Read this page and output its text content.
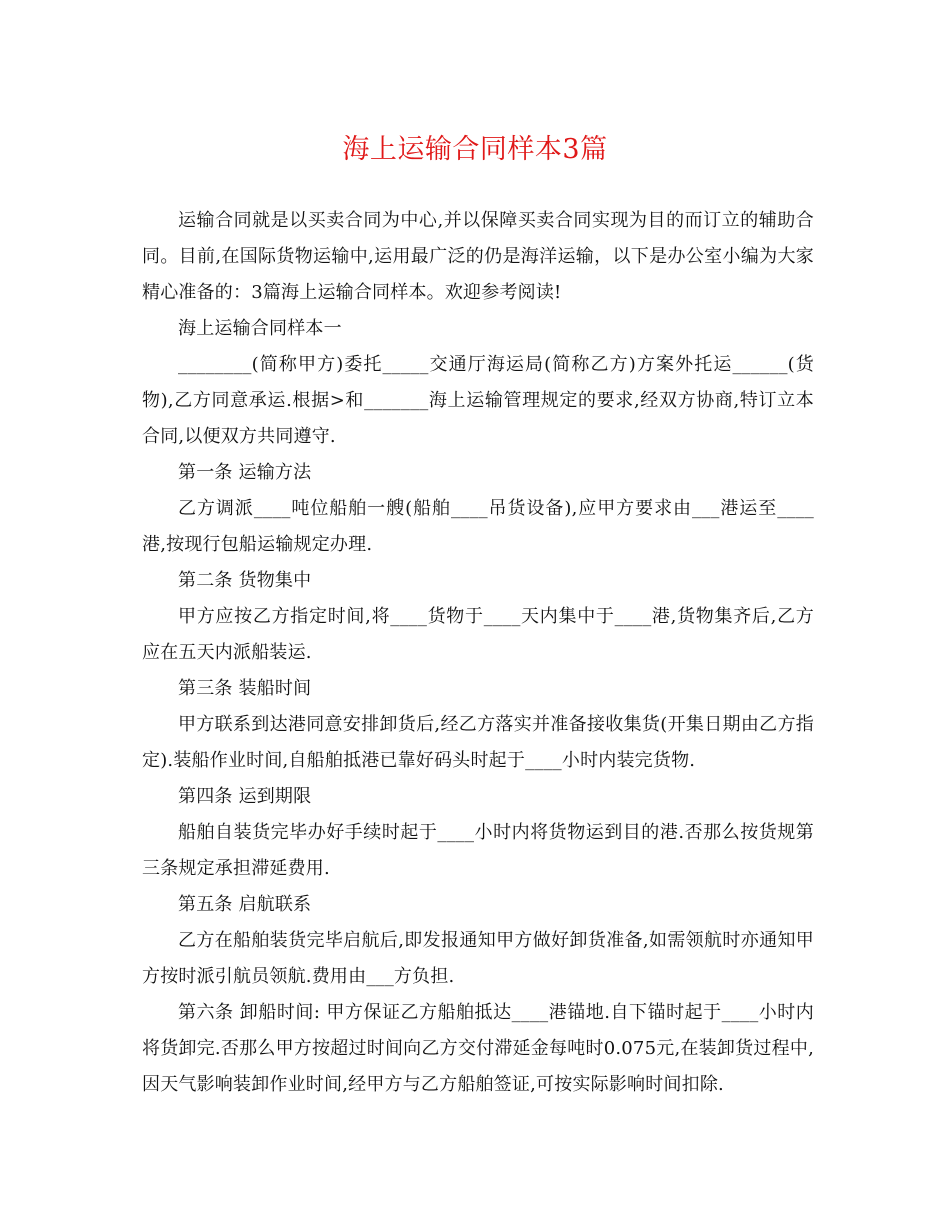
海上运输合同样本3篇

运输合同就是以买卖合同为中心,并以保障买卖合同实现为目的而订立的辅助合同。目前,在国际货物运输中,运用最广泛的仍是海洋运输，以下是办公室小编为大家精心准备的：3篇海上运输合同样本。欢迎参考阅读!

海上运输合同样本一

________(简称甲方)委托_____交通厅海运局(简称乙方)方案外托运______(货物),乙方同意承运.根据>和_______海上运输管理规定的要求,经双方协商,特订立本合同,以便双方共同遵守.

第一条 运输方法

乙方调派____吨位船舶一艘(船舶____吊货设备),应甲方要求由___港运至____港,按现行包船运输规定办理.

第二条 货物集中

甲方应按乙方指定时间,将____货物于____天内集中于____港,货物集齐后,乙方应在五天内派船装运.

第三条 装船时间

甲方联系到达港同意安排卸货后,经乙方落实并准备接收集货(开集日期由乙方指定).装船作业时间,自船舶抵港已靠好码头时起于____小时内装完货物.

第四条 运到期限

船舶自装货完毕办好手续时起于____小时内将货物运到目的港.否那么按货规第三条规定承担滞延费用.

第五条 启航联系

乙方在船舶装货完毕启航后,即发报通知甲方做好卸货准备,如需领航时亦通知甲方按时派引航员领航.费用由___方负担.

第六条 卸船时间: 甲方保证乙方船舶抵达____港锚地.自下锚时起于____小时内将货卸完.否那么甲方按超过时间向乙方交付滞延金每吨时0.075元,在装卸货过程中,因天气影响装卸作业时间,经甲方与乙方船舶签证,可按实际影响时间扣除.
